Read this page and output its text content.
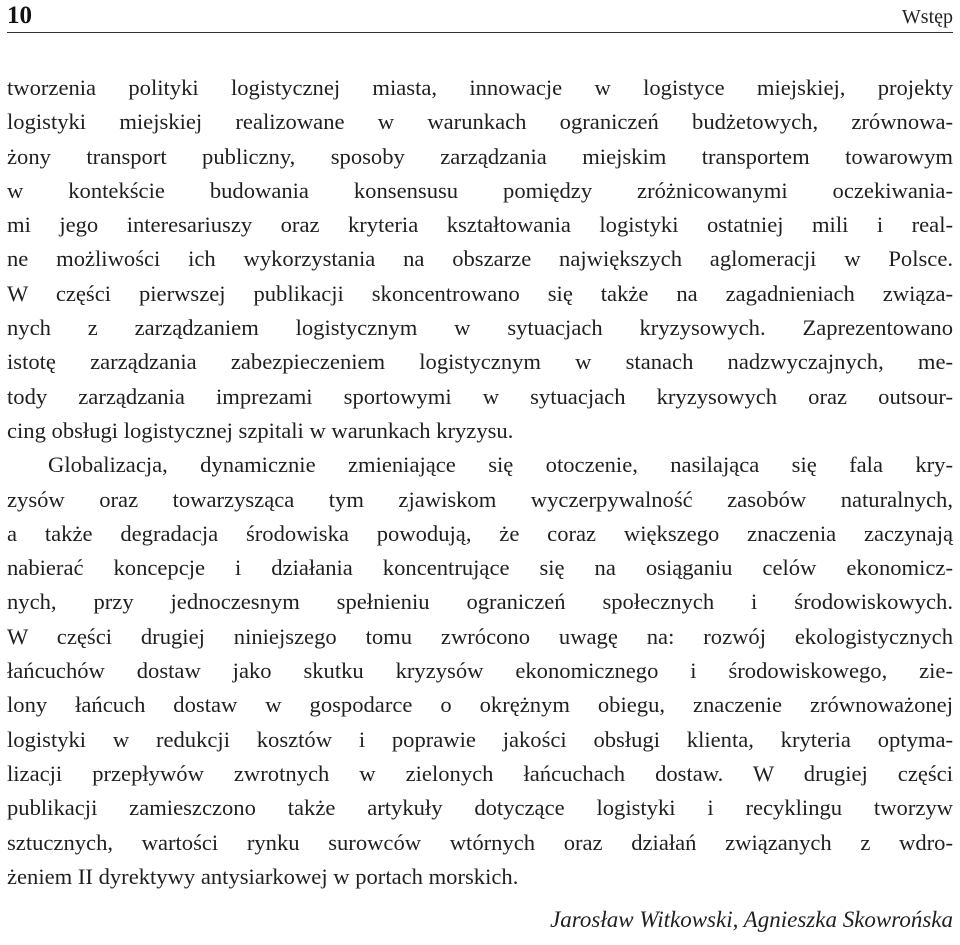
10	Wstęp
tworzenia polityki logistycznej miasta, innowacje w logistyce miejskiej, projekty
logistyki miejskiej realizowane w warunkach ograniczeń budżetowych, zrównowa-
żony transport publiczny, sposoby zarządzania miejskim transportem towarowym
w kontekście budowania konsensusu pomiędzy zróżnicowanymi oczekiwania-
mi jego interesariuszy oraz kryteria kształtowania logistyki ostatniej mili i real-
ne możliwości ich wykorzystania na obszarze największych aglomeracji w Polsce.
W części pierwszej publikacji skoncentrowano się także na zagadnieniach związa-
nych z zarządzaniem logistycznym w sytuacjach kryzysowych. Zaprezentowano
istotę zarządzania zabezpieczeniem logistycznym w stanach nadzwyczajnych, me-
tody zarządzania imprezami sportowymi w sytuacjach kryzysowych oraz outsour-
cing obsługi logistycznej szpitali w warunkach kryzysu.
Globalizacja, dynamicznie zmieniające się otoczenie, nasilająca się fala kry-
zysów oraz towarzysząca tym zjawiskom wyczerpywalność zasobów naturalnych,
a także degradacja środowiska powodują, że coraz większego znaczenia zaczynają
nabierać koncepcje i działania koncentrujące się na osiąganiu celów ekonomicz-
nych, przy jednoczesnym spełnieniu ograniczeń społecznych i środowiskowych.
W części drugiej niniejszego tomu zwrócono uwagę na: rozwój ekologistycznych
łańcuchów dostaw jako skutku kryzysów ekonomicznego i środowiskowego, zie-
lony łańcuch dostaw w gospodarce o okrężnym obiegu, znaczenie zrównoważonej
logistyki w redukcji kosztów i poprawie jakości obsługi klienta, kryteria optyma-
lizacji przepływów zwrotnych w zielonych łańcuchach dostaw. W drugiej części
publikacji zamieszczono także artykuły dotyczące logistyki i recyklingu tworzyw
sztucznych, wartości rynku surowców wtórnych oraz działań związanych z wdro-
żeniem II dyrektywy antysiarkowej w portach morskich.
Jarosław Witkowski, Agnieszka Skowrońska
